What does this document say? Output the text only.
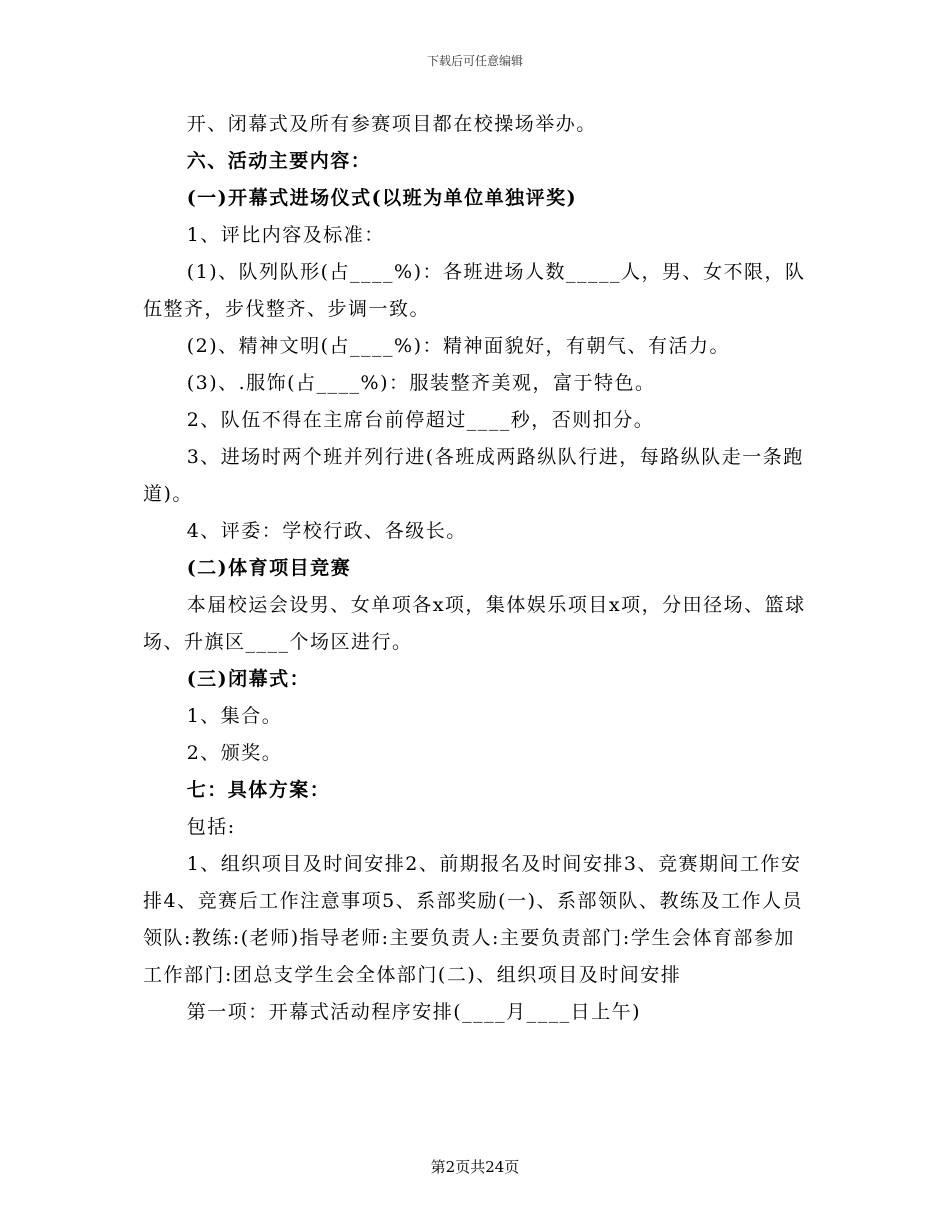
下载后可任意编辑

开、闭幕式及所有参赛项目都在校操场举办。

六、活动主要内容：

(一)开幕式进场仪式(以班为单位单独评奖)

1、评比内容及标准：

(1)、队列队形(占____%)：各班进场人数_____人，男、女不限，队伍整齐，步伐整齐、步调一致。

(2)、精神文明(占____%)：精神面貌好，有朝气、有活力。

(3)、.服饰(占____%)：服装整齐美观，富于特色。

2、队伍不得在主席台前停超过____秒，否则扣分。

3、进场时两个班并列行进(各班成两路纵队行进，每路纵队走一条跑道)。

4、评委：学校行政、各级长。

(二)体育项目竞赛

本届校运会设男、女单项各x项，集体娱乐项目x项，分田径场、篮球场、升旗区____个场区进行。

(三)闭幕式：

1、集合。

2、颁奖。

七：具体方案：

包括:

1、组织项目及时间安排2、前期报名及时间安排3、竞赛期间工作安排4、竞赛后工作注意事项5、系部奖励(一)、系部领队、教练及工作人员领队:教练:(老师)指导老师:主要负责人:主要负责部门:学生会体育部参加工作部门:团总支学生会全体部门(二)、组织项目及时间安排

第一项：开幕式活动程序安排(____月____日上午)

第2页共24页
